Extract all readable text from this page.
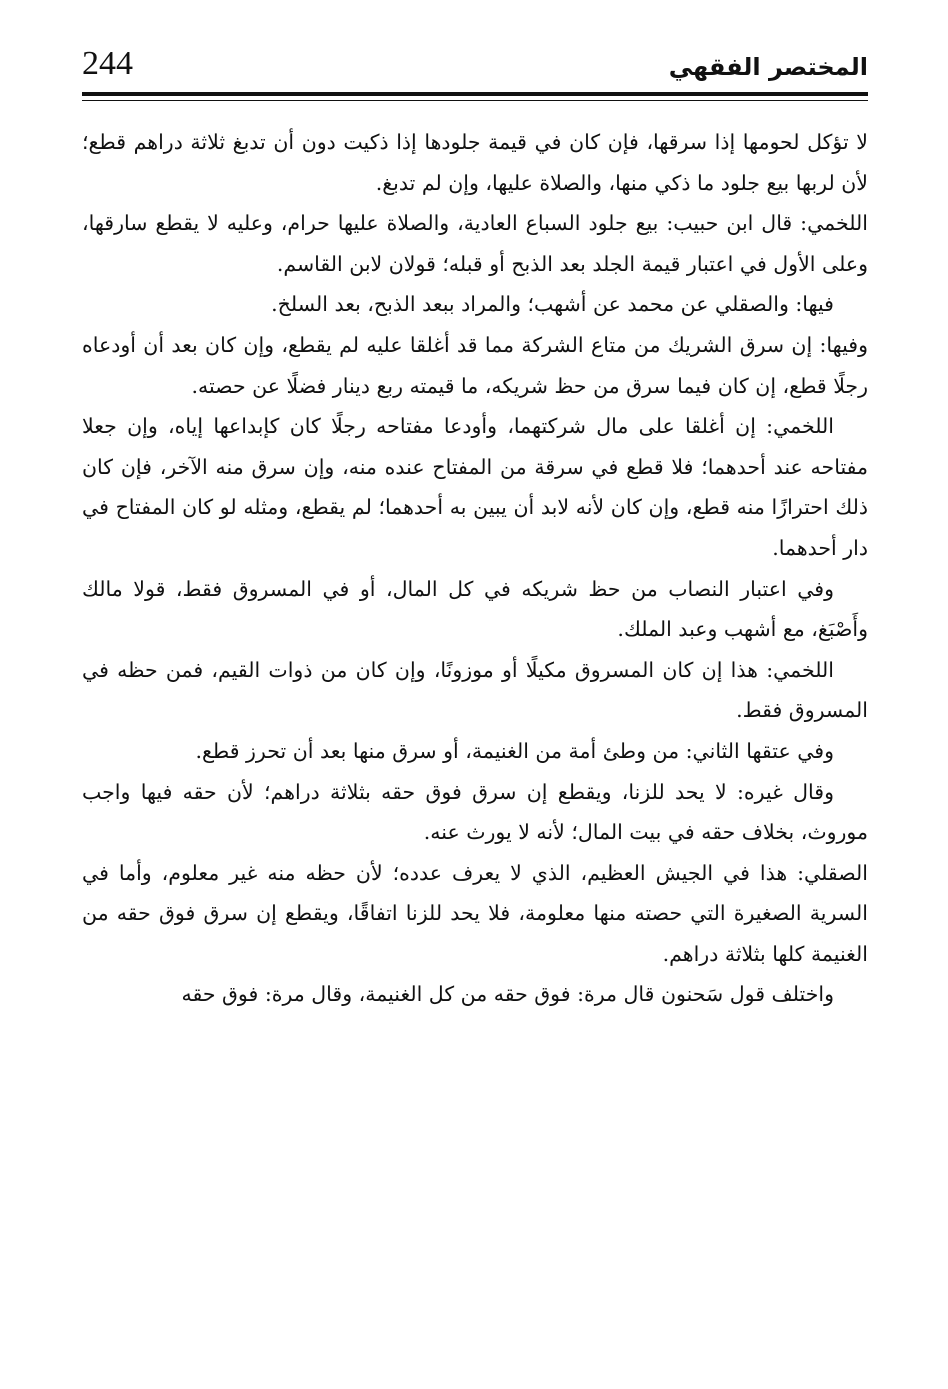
244	المختصر الفقهي

لا تؤكل لحومها إذا سرقها، فإن كان في قيمة جلودها إذا ذكيت دون أن تدبغ ثلاثة دراهم قطع؛ لأن لربها بيع جلود ما ذكي منها، والصلاة عليها، وإن لم تدبغ.

اللخمي: قال ابن حبيب: بيع جلود السباع العادية، والصلاة عليها حرام، وعليه لا يقطع سارقها، وعلى الأول في اعتبار قيمة الجلد بعد الذبح أو قبله؛ قولان لابن القاسم.

فيها: والصقلي عن محمد عن أشهب؛ والمراد ببعد الذبح، بعد السلخ.

وفيها: إن سرق الشريك من متاع الشركة مما قد أغلقا عليه لم يقطع، وإن كان بعد أن أودعاه رجلًا قطع، إن كان فيما سرق من حظ شريكه، ما قيمته ربع دينار فضلًا عن حصته.

اللخمي: إن أغلقا على مال شركتهما، وأودعا مفتاحه رجلًا كان كإبداعها إياه، وإن جعلا مفتاحه عند أحدهما؛ فلا قطع في سرقة من المفتاح عنده منه، وإن سرق منه الآخر، فإن كان ذلك احترازًا منه قطع، وإن كان لأنه لابد أن يبين به أحدهما؛ لم يقطع، ومثله لو كان المفتاح في دار أحدهما.

وفي اعتبار النصاب من حظ شريكه في كل المال، أو في المسروق فقط، قولا مالك وأَصْبَغ، مع أشهب وعبد الملك.

اللخمي: هذا إن كان المسروق مكيلًا أو موزونًا، وإن كان من ذوات القيم، فمن حظه في المسروق فقط.

وفي عتقها الثاني: من وطئ أمة من الغنيمة، أو سرق منها بعد أن تحرز قطع.

وقال غيره: لا يحد للزنا، ويقطع إن سرق فوق حقه بثلاثة دراهم؛ لأن حقه فيها واجب موروث، بخلاف حقه في بيت المال؛ لأنه لا يورث عنه.

الصقلي: هذا في الجيش العظيم، الذي لا يعرف عدده؛ لأن حظه منه غير معلوم، وأما في السرية الصغيرة التي حصته منها معلومة، فلا يحد للزنا اتفاقًا، ويقطع إن سرق فوق حقه من الغنيمة كلها بثلاثة دراهم.

واختلف قول سَحنون قال مرة: فوق حقه من كل الغنيمة، وقال مرة: فوق حقه
